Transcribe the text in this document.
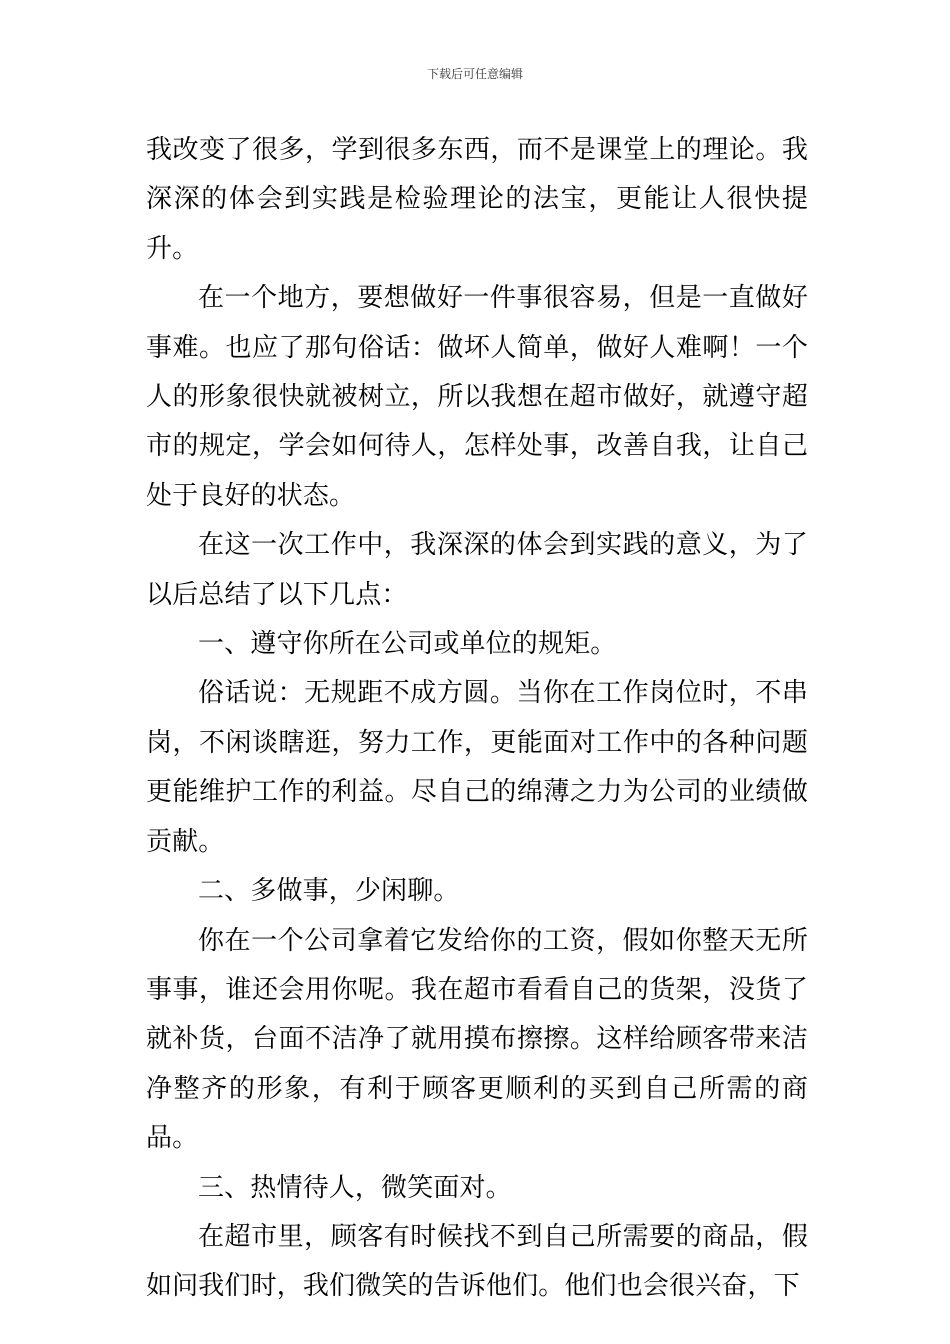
下载后可任意编辑

我改变了很多，学到很多东西，而不是课堂上的理论。我深深的体会到实践是检验理论的法宝，更能让人很快提升。

在一个地方，要想做好一件事很容易，但是一直做好事难。也应了那句俗话：做坏人简单，做好人难啊！一个人的形象很快就被树立，所以我想在超市做好，就遵守超市的规定，学会如何待人，怎样处事，改善自我，让自己处于良好的状态。

在这一次工作中，我深深的体会到实践的意义，为了以后总结了以下几点：

一、遵守你所在公司或单位的规矩。

俗话说：无规距不成方圆。当你在工作岗位时，不串岗，不闲谈瞎逛，努力工作，更能面对工作中的各种问题更能维护工作的利益。尽自己的绵薄之力为公司的业绩做贡献。

二、多做事，少闲聊。

你在一个公司拿着它发给你的工资，假如你整天无所事事，谁还会用你呢。我在超市看看自己的货架，没货了就补货，台面不洁净了就用摸布擦擦。这样给顾客带来洁净整齐的形象，有利于顾客更顺利的买到自己所需的商品。

三、热情待人，微笑面对。

在超市里，顾客有时候找不到自己所需要的商品，假如问我们时，我们微笑的告诉他们。他们也会很兴奋，下
